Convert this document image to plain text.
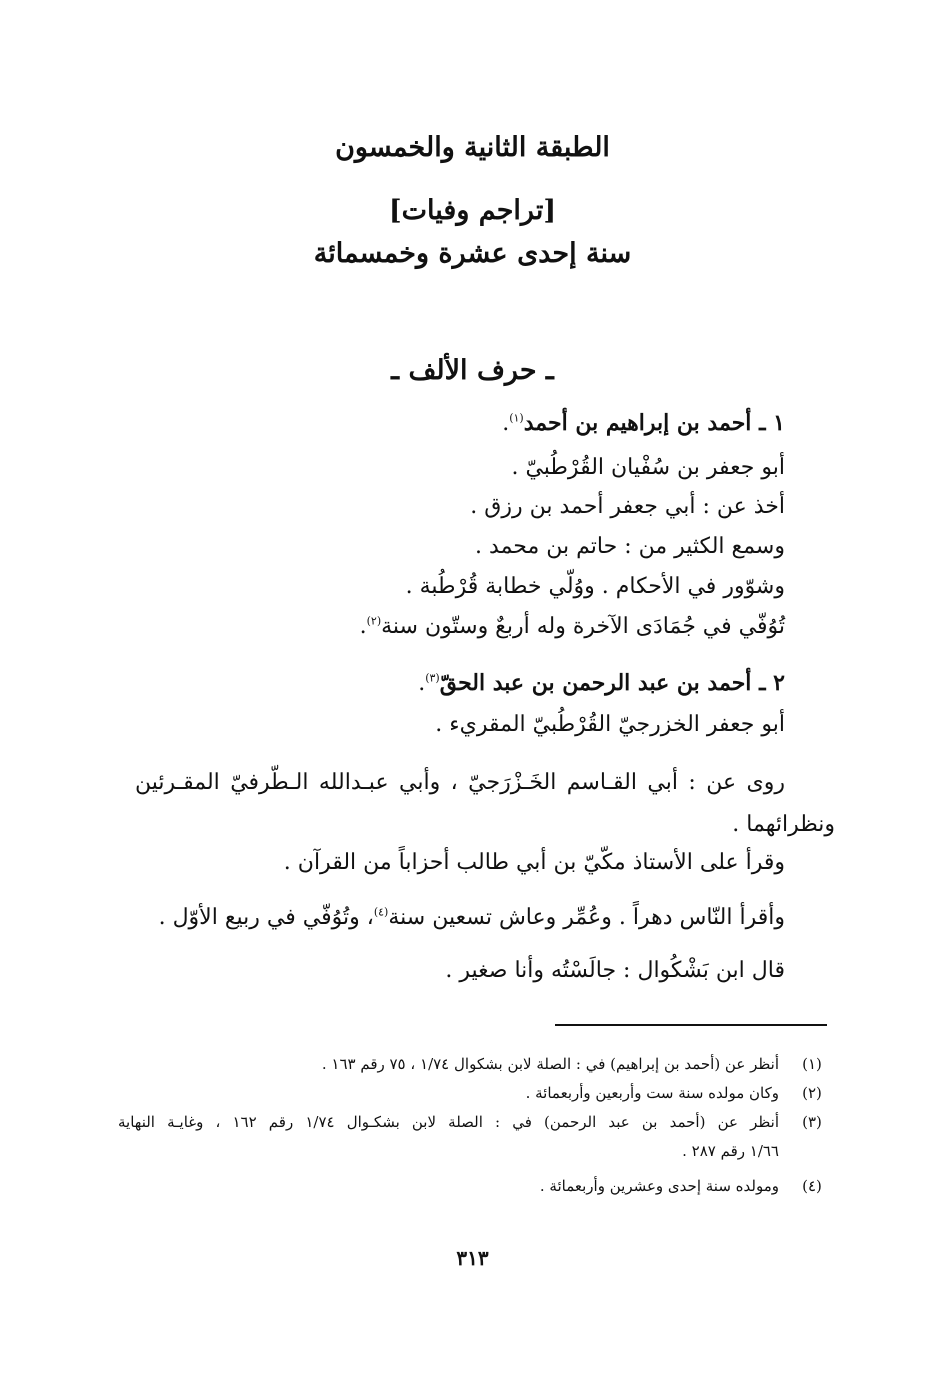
الطبقة الثانية والخمسون
[تراجم وفيات]
سنة إحدى عشرة وخمسمائة
ـ حرف الألف ـ
١ ـ أحمد بن إبراهيم بن أحمد$^{(١)}$.
أبو جعفر بن سُفْيان القُرْطُبيّ .
أخذ عن : أبي جعفر أحمد بن رزق .
وسمع الكثير من : حاتم بن محمد .
وشوّور في الأحكام . ووُلّي خطابة قُرْطُبة .
تُوُفّي في جُمَادَى الآخرة وله أربعٌ وستّون سنة$^{(٢)}$.
٢ ـ أحمد بن عبد الرحمن بن عبد الحقّ$^{(٣)}$.
أبو جعفر الخزرجيّ القُرْطُبيّ المقريء .
روى عن : أبي القـاسم الخَـزْرَجيّ ، وأبي عبـدالله الـطّرفيّ المقـرئين
ونظرائهما .
وقرأ على الأستاذ مكّيّ بن أبي طالب أحزاباً من القرآن .
وأقرأ النّاس دهراً . وعُمِّر وعاش تسعين سنة$^{(٤)}$، وتُوُفّي في ربيع الأوّل .
قال ابن بَشْكُوال : جالَسْتُه وأنا صغير .
(١)
أنظر عن (أحمد بن إبراهيم) في : الصلة لابن بشكوال ١/٧٤ ، ٧٥ رقم ١٦٣ .
(٢)
وكان مولده سنة ست وأربعين وأربعمائة .
(٣)
أنظر عن (أحمد بن عبد الرحمن) في : الصلة لابن بشكـوال ١/٧٤ رقم ١٦٢ ، وغايـة النهاية
١/٦٦ رقم ٢٨٧ .
(٤)
ومولده سنة إحدى وعشرين وأربعمائة .
٣١٣
